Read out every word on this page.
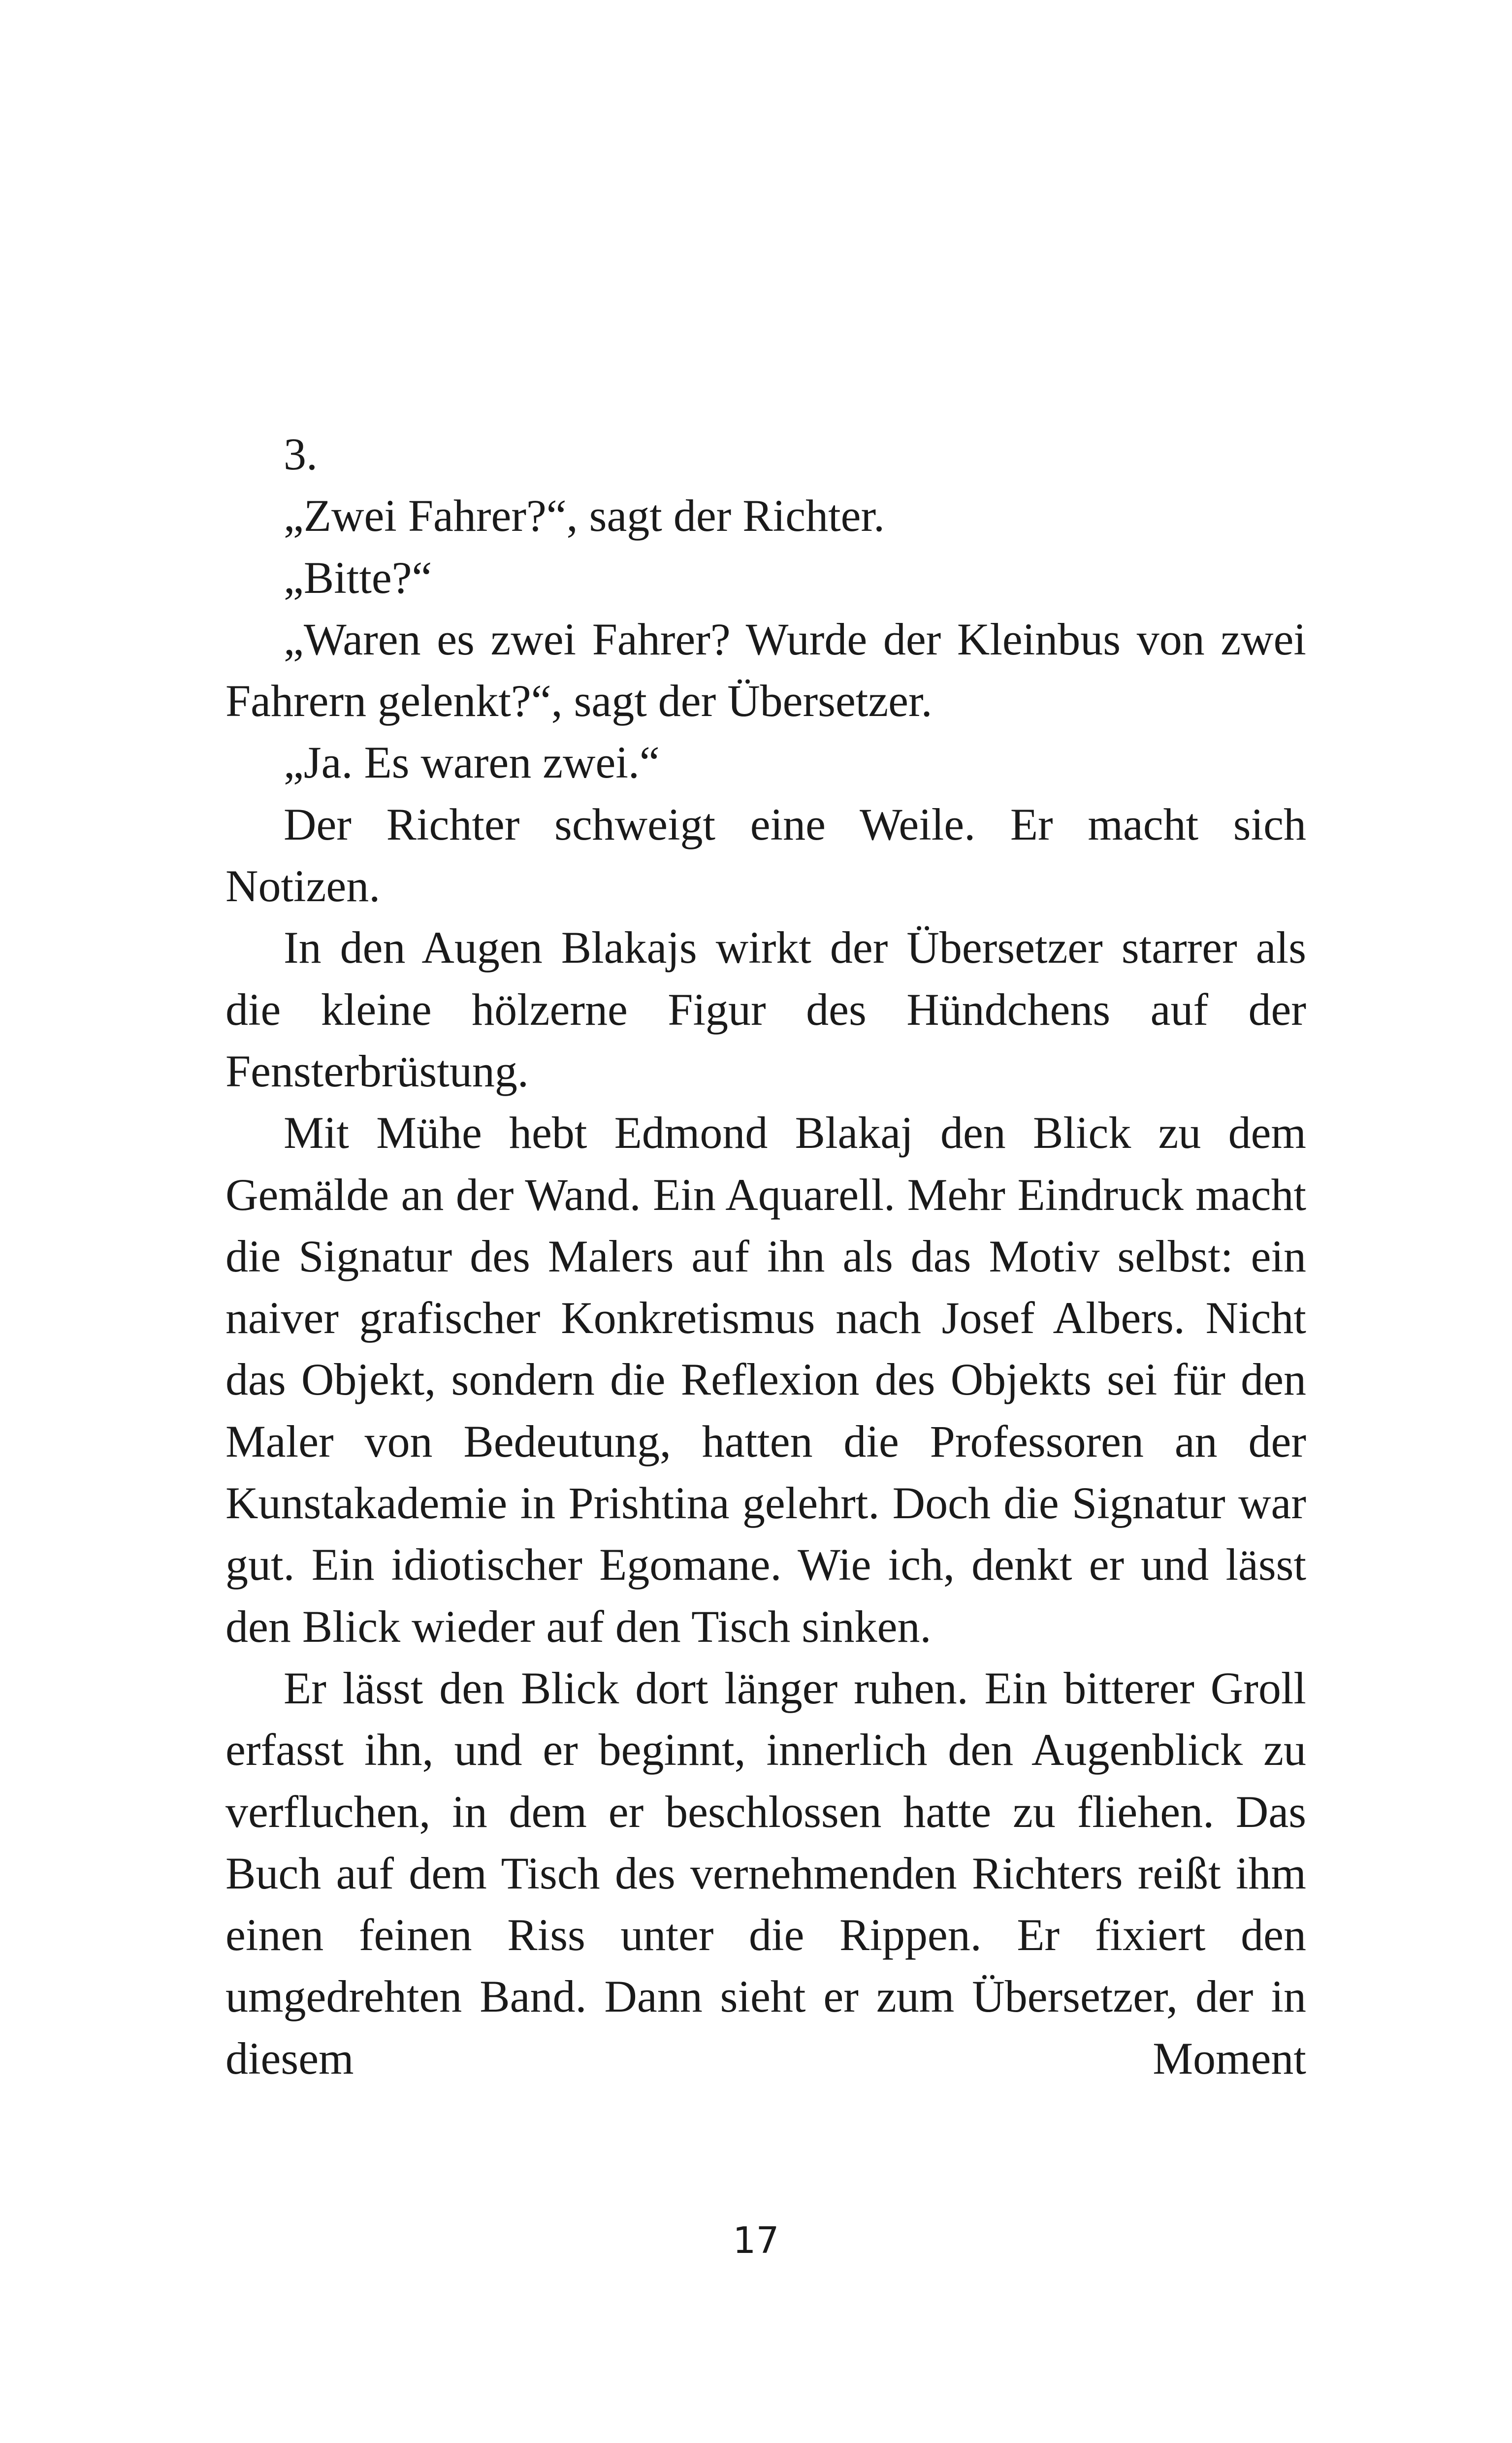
3.

„Zwei Fahrer?“, sagt der Richter.

„Bitte?“

„Waren es zwei Fahrer? Wurde der Kleinbus von zwei Fahrern gelenkt?“, sagt der Übersetzer.

„Ja. Es waren zwei.“

Der Richter schweigt eine Weile. Er macht sich Notizen.

In den Augen Blakajs wirkt der Übersetzer starrer als die kleine hölzerne Figur des Hündchens auf der Fensterbrüstung.

Mit Mühe hebt Edmond Blakaj den Blick zu dem Gemälde an der Wand. Ein Aquarell. Mehr Eindruck macht die Signatur des Malers auf ihn als das Motiv selbst: ein naiver grafischer Konkretismus nach Josef Albers. Nicht das Objekt, sondern die Reflexion des Objekts sei für den Maler von Bedeutung, hatten die Professoren an der Kunstakademie in Prishtina gelehrt. Doch die Signatur war gut. Ein idiotischer Egomane. Wie ich, denkt er und lässt den Blick wieder auf den Tisch sinken.

Er lässt den Blick dort länger ruhen. Ein bitterer Groll erfasst ihn, und er beginnt, innerlich den Augenblick zu verfluchen, in dem er beschlossen hatte zu fliehen. Das Buch auf dem Tisch des vernehmenden Richters reißt ihm einen feinen Riss unter die Rippen. Er fixiert den umgedrehten Band. Dann sieht er zum Übersetzer, der in diesem Moment

17
